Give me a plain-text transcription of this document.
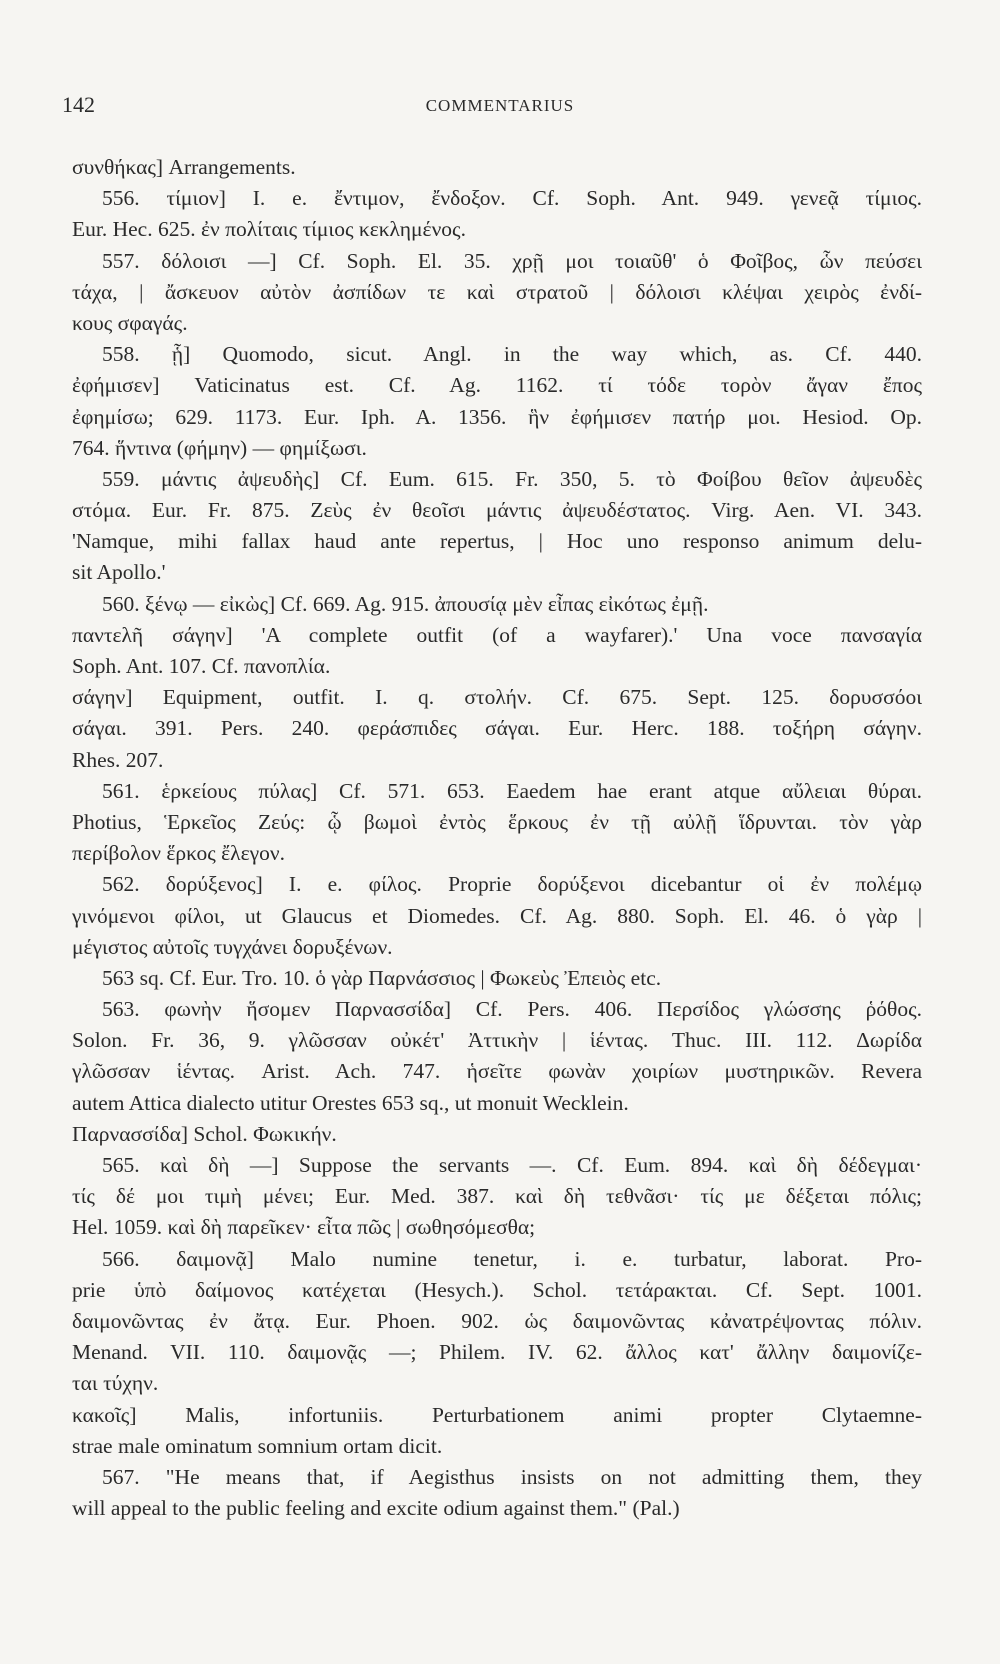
142	COMMENTARIUS
συνθήκας] Arrangements.
556. τίμιον] I. e. ἔντιμον, ἔνδοξον. Cf. Soph. Ant. 949. γενεᾷ τίμιος.
Eur. Hec. 625. ἐν πολίταις τίμιος κεκλημένος.
557. δόλοισι —] Cf. Soph. El. 35. χρῇ μοι τοιαῦθ' ὁ Φοῖβος, ὧν πεύσει
τάχα, | ἄσκευον αὐτὸν ἀσπίδων τε καὶ στρατοῦ | δόλοισι κλέψαι χειρὸς ἐνδί-
κους σφαγάς.
558. ᾗ] Quomodo, sicut. Angl. in the way which, as. Cf. 440.
ἐφήμισεν] Vaticinatus est. Cf. Ag. 1162. τί τόδε τορὸν ἄγαν ἔπος
ἐφημίσω; 629. 1173. Eur. Iph. A. 1356. ἣν ἐφήμισεν πατήρ μοι. Hesiod. Op.
764. ἥντινα (φήμην) — φημίξωσι.
559. μάντις ἀψευδὴς] Cf. Eum. 615. Fr. 350, 5. τὸ Φοίβου θεῖον ἀψευδὲς
στόμα. Eur. Fr. 875. Ζεὺς ἐν θεοῖσι μάντις ἀψευδέστατος. Virg. Aen. VI. 343.
'Namque, mihi fallax haud ante repertus, | Hoc uno responso animum delu-
sit Apollo.'
560. ξένῳ — εἰκὼς] Cf. 669. Ag. 915. ἀπουσίᾳ μὲν εἶπας εἰκότως ἐμῇ.
παντελῆ σάγην] 'A complete outfit (of a wayfarer).' Una voce πανσαγία
Soph. Ant. 107. Cf. πανοπλία.
σάγην] Equipment, outfit. I. q. στολήν. Cf. 675. Sept. 125. δορυσσόοι
σάγαι. 391. Pers. 240. φεράσπιδες σάγαι. Eur. Herc. 188. τοξήρη σάγην.
Rhes. 207.
561. ἑρκείους πύλας] Cf. 571. 653. Eaedem hae erant atque αὔλειαι θύραι.
Photius, Ἑρκεῖος Ζεύς: ᾧ βωμοὶ ἐντὸς ἕρκους ἐν τῇ αὐλῇ ἵδρυνται. τὸν γὰρ
περίβολον ἕρκος ἔλεγον.
562. δορύξενος] I. e. φίλος. Proprie δορύξενοι dicebantur οἱ ἐν πολέμῳ
γινόμενοι φίλοι, ut Glaucus et Diomedes. Cf. Ag. 880. Soph. El. 46. ὁ γὰρ |
μέγιστος αὐτοῖς τυγχάνει δορυξένων.
563 sq. Cf. Eur. Tro. 10. ὁ γὰρ Παρνάσσιος | Φωκεὺς Ἐπειὸς etc.
563. φωνὴν ἥσομεν Παρνασσίδα] Cf. Pers. 406. Περσίδος γλώσσης ῥόθος.
Solon. Fr. 36, 9. γλῶσσαν οὐκέτ' Ἀττικὴν | ἱέντας. Thuc. III. 112. Δωρίδα
γλῶσσαν ἱέντας. Arist. Ach. 747. ἡσεῖτε φωνὰν χοιρίων μυστηρικῶν. Revera
autem Attica dialecto utitur Orestes 653 sq., ut monuit Wecklein.
Παρνασσίδα] Schol. Φωκικήν.
565. καὶ δὴ —] Suppose the servants —. Cf. Eum. 894. καὶ δὴ δέδεγμαι·
τίς δέ μοι τιμὴ μένει; Eur. Med. 387. καὶ δὴ τεθνᾶσι· τίς με δέξεται πόλις;
Hel. 1059. καὶ δὴ παρεῖκεν· εἶτα πῶς | σωθησόμεσθα;
566. δαιμονᾷ] Malo numine tenetur, i. e. turbatur, laborat. Pro-
prie ὑπὸ δαίμονος κατέχεται (Hesych.). Schol. τετάρακται. Cf. Sept. 1001.
δαιμονῶντας ἐν ἄτᾳ. Eur. Phoen. 902. ὡς δαιμονῶντας κἀνατρέψοντας πόλιν.
Menand. VII. 110. δαιμονᾷς —; Philem. IV. 62. ἄλλος κατ' ἄλλην δαιμονίζε-
ται τύχην.
κακοῖς] Malis, infortuniis. Perturbationem animi propter Clytaemne-
strae male ominatum somnium ortam dicit.
567. "He means that, if Aegisthus insists on not admitting them, they
will appeal to the public feeling and excite odium against them." (Pal.)
